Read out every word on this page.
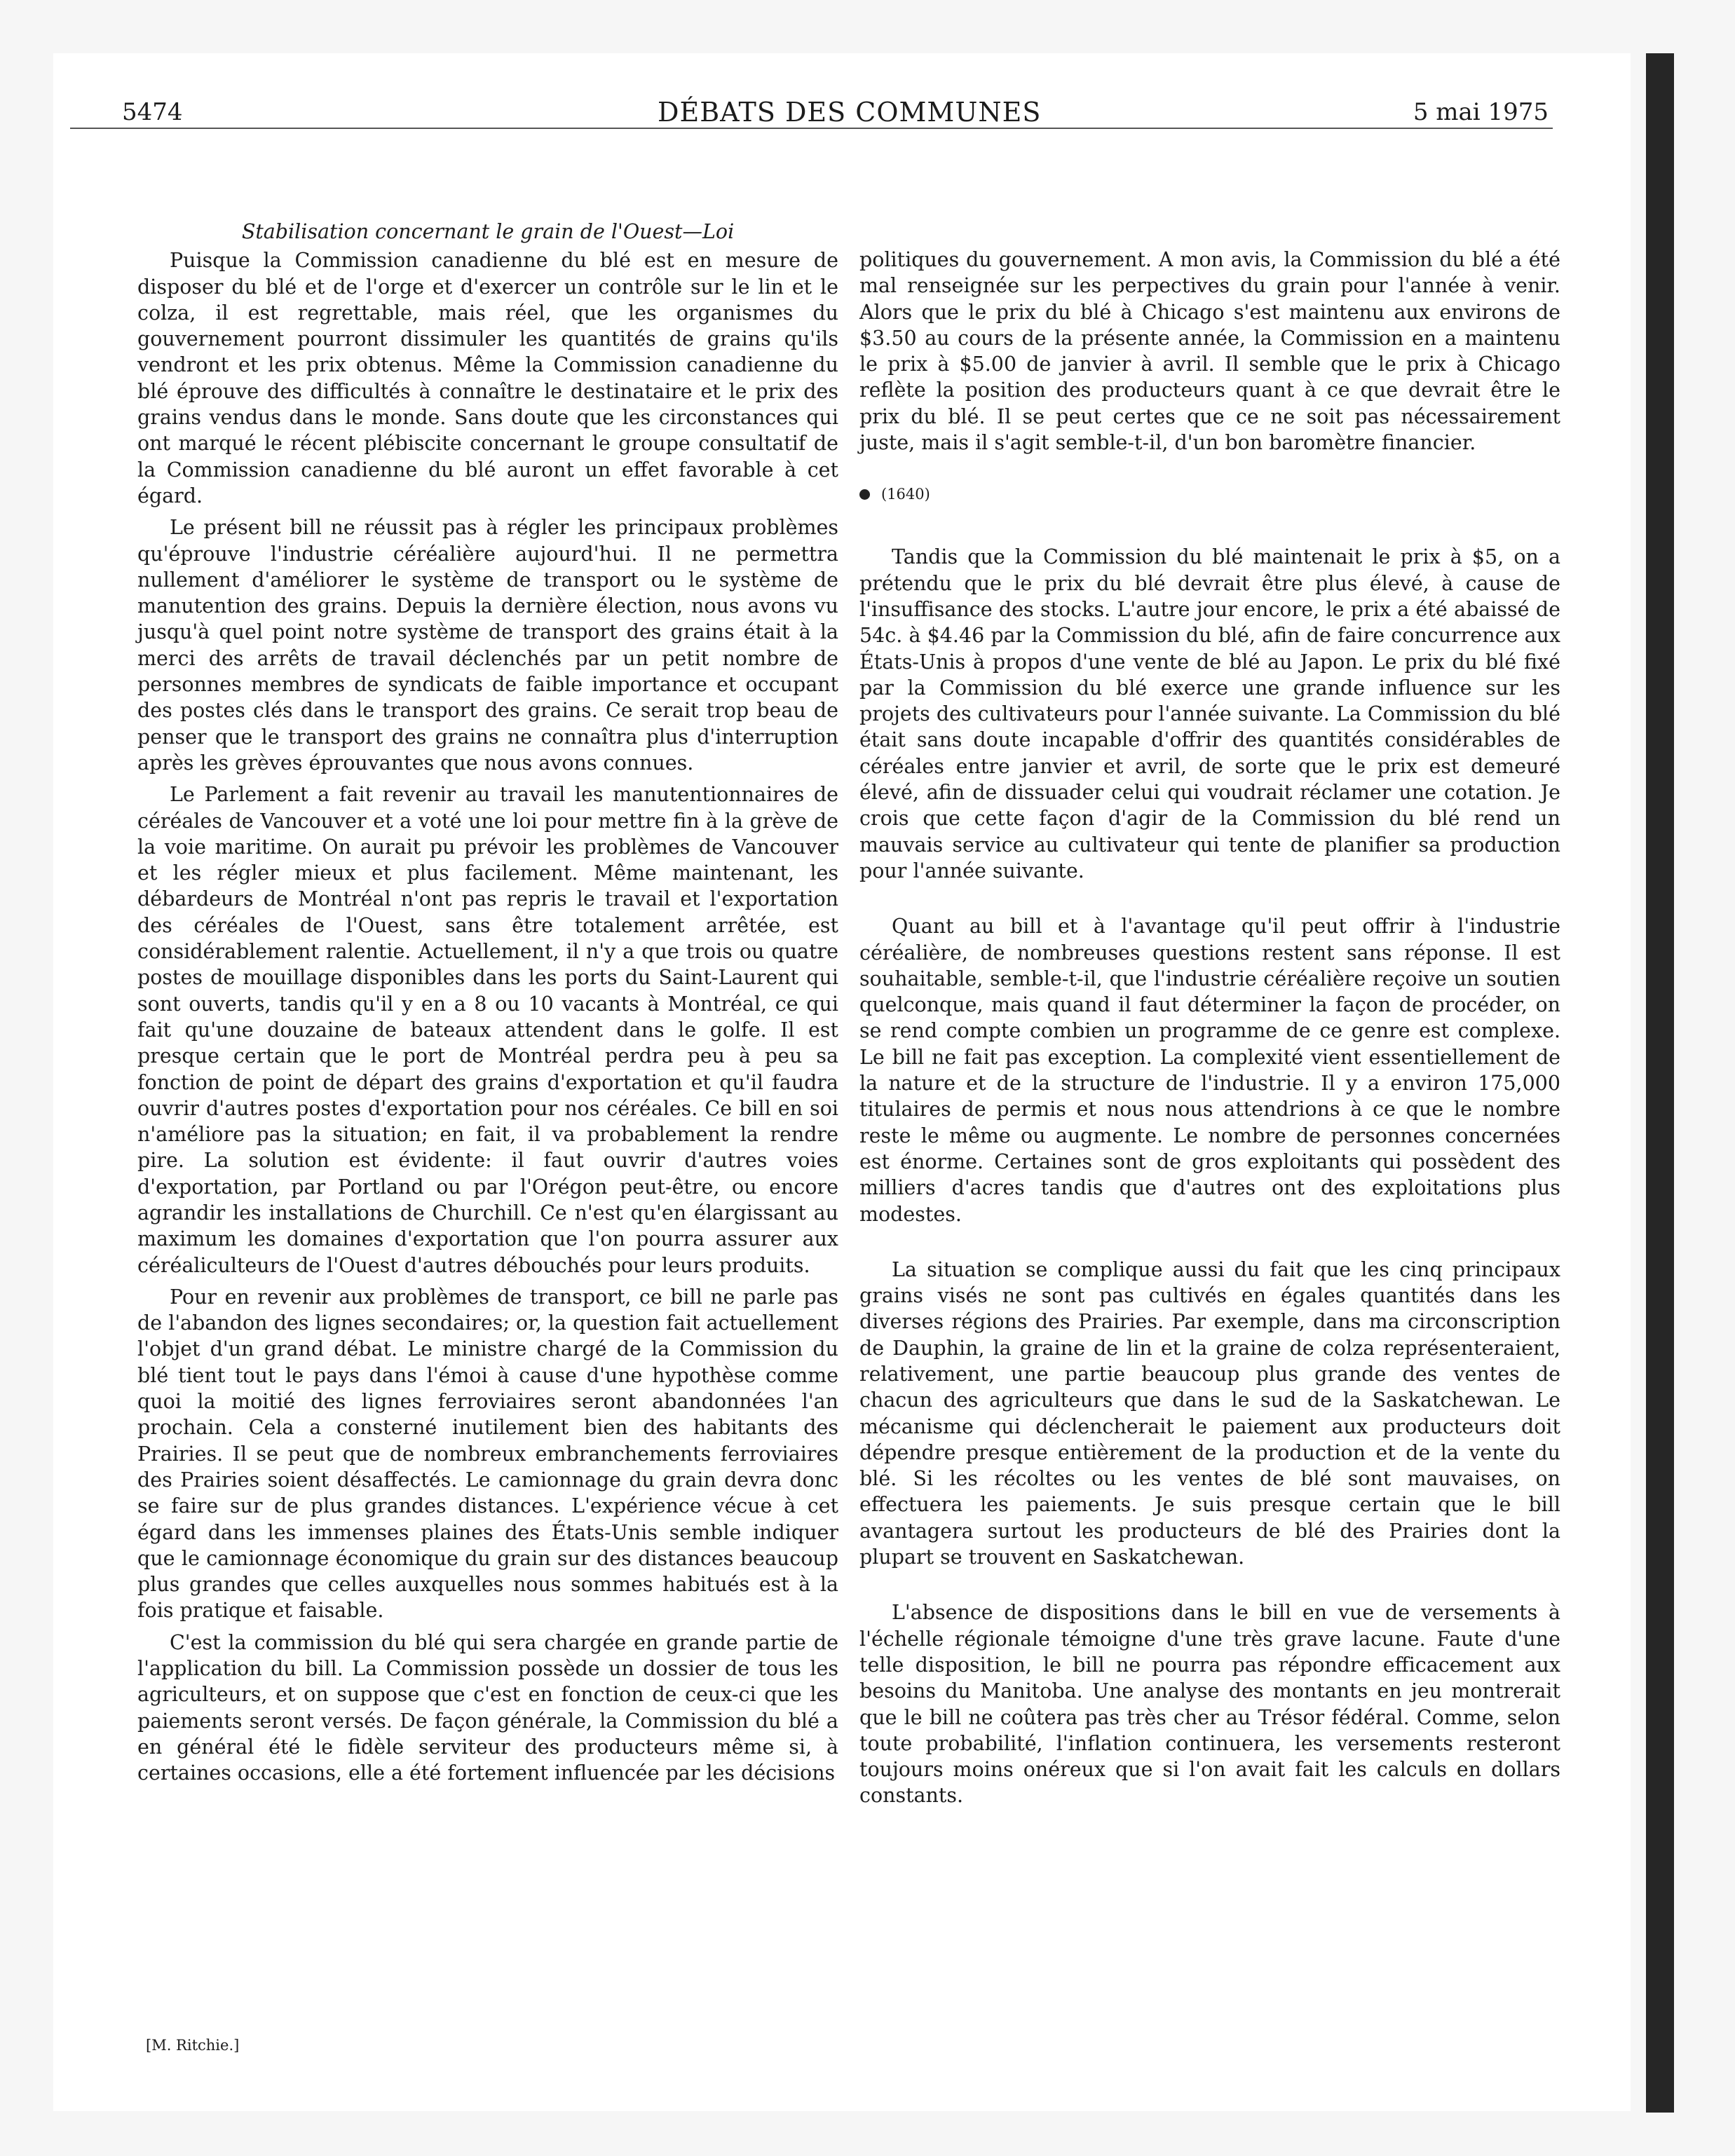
5474	DÉBATS DES COMMUNES	5 mai 1975
Stabilisation concernant le grain de l'Ouest—Loi

Puisque la Commission canadienne du blé est en mesure de disposer du blé et de l'orge et d'exercer un contrôle sur le lin et le colza, il est regrettable, mais réel, que les organismes du gouvernement pourront dissimuler les quantités de grains qu'ils vendront et les prix obtenus. Même la Commission canadienne du blé éprouve des difficultés à connaître le destinataire et le prix des grains vendus dans le monde. Sans doute que les circonstances qui ont marqué le récent plébiscite concernant le groupe consultatif de la Commission canadienne du blé auront un effet favorable à cet égard.

Le présent bill ne réussit pas à régler les principaux problèmes qu'éprouve l'industrie céréalière aujourd'hui. Il ne permettra nullement d'améliorer le système de transport ou le système de manutention des grains. Depuis la dernière élection, nous avons vu jusqu'à quel point notre système de transport des grains était à la merci des arrêts de travail déclenchés par un petit nombre de personnes membres de syndicats de faible importance et occupant des postes clés dans le transport des grains. Ce serait trop beau de penser que le transport des grains ne connaîtra plus d'interruption après les grèves éprouvantes que nous avons connues.

Le Parlement a fait revenir au travail les manutentionnaires de céréales de Vancouver et a voté une loi pour mettre fin à la grève de la voie maritime. On aurait pu prévoir les problèmes de Vancouver et les régler mieux et plus facilement. Même maintenant, les débardeurs de Montréal n'ont pas repris le travail et l'exportation des céréales de l'Ouest, sans être totalement arrêtée, est considérablement ralentie. Actuellement, il n'y a que trois ou quatre postes de mouillage disponibles dans les ports du Saint-Laurent qui sont ouverts, tandis qu'il y en a 8 ou 10 vacants à Montréal, ce qui fait qu'une douzaine de bateaux attendent dans le golfe. Il est presque certain que le port de Montréal perdra peu à peu sa fonction de point de départ des grains d'exportation et qu'il faudra ouvrir d'autres postes d'exportation pour nos céréales. Ce bill en soi n'améliore pas la situation; en fait, il va probablement la rendre pire. La solution est évidente: il faut ouvrir d'autres voies d'exportation, par Portland ou par l'Orégon peut-être, ou encore agrandir les installations de Churchill. Ce n'est qu'en élargissant au maximum les domaines d'exportation que l'on pourra assurer aux céréaliculteurs de l'Ouest d'autres débouchés pour leurs produits.

Pour en revenir aux problèmes de transport, ce bill ne parle pas de l'abandon des lignes secondaires; or, la question fait actuellement l'objet d'un grand débat. Le ministre chargé de la Commission du blé tient tout le pays dans l'émoi à cause d'une hypothèse comme quoi la moitié des lignes ferroviaires seront abandonnées l'an prochain. Cela a consterné inutilement bien des habitants des Prairies. Il se peut que de nombreux embranchements ferroviaires des Prairies soient désaffectés. Le camionnage du grain devra donc se faire sur de plus grandes distances. L'expérience vécue à cet égard dans les immenses plaines des États-Unis semble indiquer que le camionnage économique du grain sur des distances beaucoup plus grandes que celles auxquelles nous sommes habitués est à la fois pratique et faisable.

C'est la commission du blé qui sera chargée en grande partie de l'application du bill. La Commission possède un dossier de tous les agriculteurs, et on suppose que c'est en fonction de ceux-ci que les paiements seront versés. De façon générale, la Commission du blé a en général été le fidèle serviteur des producteurs même si, à certaines occasions, elle a été fortement influencée par les décisions

[M. Ritchie.]

politiques du gouvernement. A mon avis, la Commission du blé a été mal renseignée sur les perpectives du grain pour l'année à venir. Alors que le prix du blé à Chicago s'est maintenu aux environs de $3.50 au cours de la présente année, la Commission en a maintenu le prix à $5.00 de janvier à avril. Il semble que le prix à Chicago reflète la position des producteurs quant à ce que devrait être le prix du blé. Il se peut certes que ce ne soit pas nécessairement juste, mais il s'agit semble-t-il, d'un bon baromètre financier.

(1640)

Tandis que la Commission du blé maintenait le prix à $5, on a prétendu que le prix du blé devrait être plus élevé, à cause de l'insuffisance des stocks. L'autre jour encore, le prix a été abaissé de 54c. à $4.46 par la Commission du blé, afin de faire concurrence aux États-Unis à propos d'une vente de blé au Japon. Le prix du blé fixé par la Commission du blé exerce une grande influence sur les projets des cultivateurs pour l'année suivante. La Commission du blé était sans doute incapable d'offrir des quantités considérables de céréales entre janvier et avril, de sorte que le prix est demeuré élevé, afin de dissuader celui qui voudrait réclamer une cotation. Je crois que cette façon d'agir de la Commission du blé rend un mauvais service au cultivateur qui tente de planifier sa production pour l'année suivante.

Quant au bill et à l'avantage qu'il peut offrir à l'industrie céréalière, de nombreuses questions restent sans réponse. Il est souhaitable, semble-t-il, que l'industrie céréalière reçoive un soutien quelconque, mais quand il faut déterminer la façon de procéder, on se rend compte combien un programme de ce genre est complexe. Le bill ne fait pas exception. La complexité vient essentiellement de la nature et de la structure de l'industrie. Il y a environ 175,000 titulaires de permis et nous nous attendrions à ce que le nombre reste le même ou augmente. Le nombre de personnes concernées est énorme. Certaines sont de gros exploitants qui possèdent des milliers d'acres tandis que d'autres ont des exploitations plus modestes.

La situation se complique aussi du fait que les cinq principaux grains visés ne sont pas cultivés en égales quantités dans les diverses régions des Prairies. Par exemple, dans ma circonscription de Dauphin, la graine de lin et la graine de colza représenteraient, relativement, une partie beaucoup plus grande des ventes de chacun des agriculteurs que dans le sud de la Saskatchewan. Le mécanisme qui déclencherait le paiement aux producteurs doit dépendre presque entièrement de la production et de la vente du blé. Si les récoltes ou les ventes de blé sont mauvaises, on effectuera les paiements. Je suis presque certain que le bill avantagera surtout les producteurs de blé des Prairies dont la plupart se trouvent en Saskatchewan.

L'absence de dispositions dans le bill en vue de versements à l'échelle régionale témoigne d'une très grave lacune. Faute d'une telle disposition, le bill ne pourra pas répondre efficacement aux besoins du Manitoba. Une analyse des montants en jeu montrerait que le bill ne coûtera pas très cher au Trésor fédéral. Comme, selon toute probabilité, l'inflation continuera, les versements resteront toujours moins onéreux que si l'on avait fait les calculs en dollars constants.
